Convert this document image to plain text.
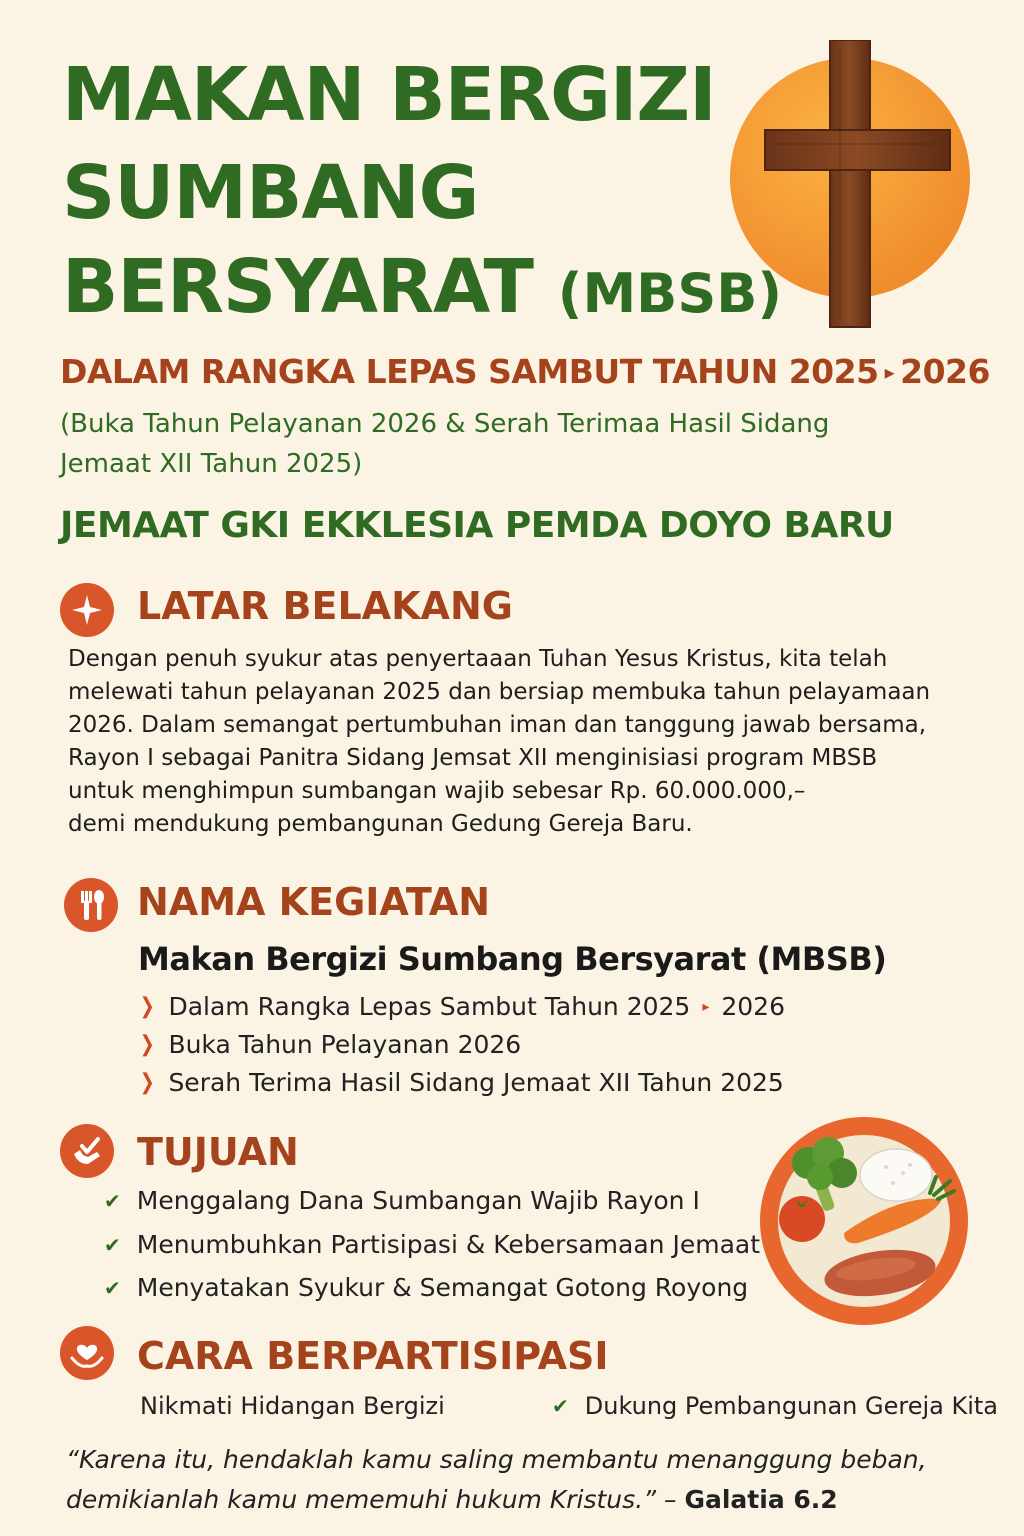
MAKAN BERGIZI
SUMBANG
BERSYARAT (MBSB)
DALAM RANGKA LEPAS SAMBUT TAHUN 2025 ▸ 2026
(Buka Tahun Pelayanan 2026 & Serah Terimaa Hasil Sidang
Jemaat XII Tahun 2025)
JEMAAT GKI EKKLESIA PEMDA DOYO BARU
LATAR BELAKANG
Dengan penuh syukur atas penyertaaan Tuhan Yesus Kristus, kita telah
melewati tahun pelayanan 2025 dan bersiap membuka tahun pelayamaan
2026. Dalam semangat pertumbuhan iman dan tanggung jawab bersama,
Rayon I sebagai Panitra Sidang Jemsat XII menginisiasi program MBSB
untuk menghimpun sumbangan wajib sebesar Rp. 60.000.000,–
demi mendukung pembangunan Gedung Gereja Baru.
NAMA KEGIATAN
Makan Bergizi Sumbang Bersyarat (MBSB)
❯ Dalam Rangka Lepas Sambut Tahun 2025 ▸ 2026
❯ Buka Tahun Pelayanan 2026
❯ Serah Terima Hasil Sidang Jemaat XII Tahun 2025
TUJUAN
✔ Menggalang Dana Sumbangan Wajib Rayon I
✔ Menumbuhkan Partisipasi & Kebersamaan Jemaat
✔ Menyatakan Syukur & Semangat Gotong Royong
CARA BERPARTISIPASI
Nikmati Hidangan Bergizi	✔ Dukung Pembangunan Gereja Kita
“Karena itu, hendaklah kamu saling membantu menanggung beban,
demikianlah kamu mememuhi hukum Kristus.” – Galatia 6.2
